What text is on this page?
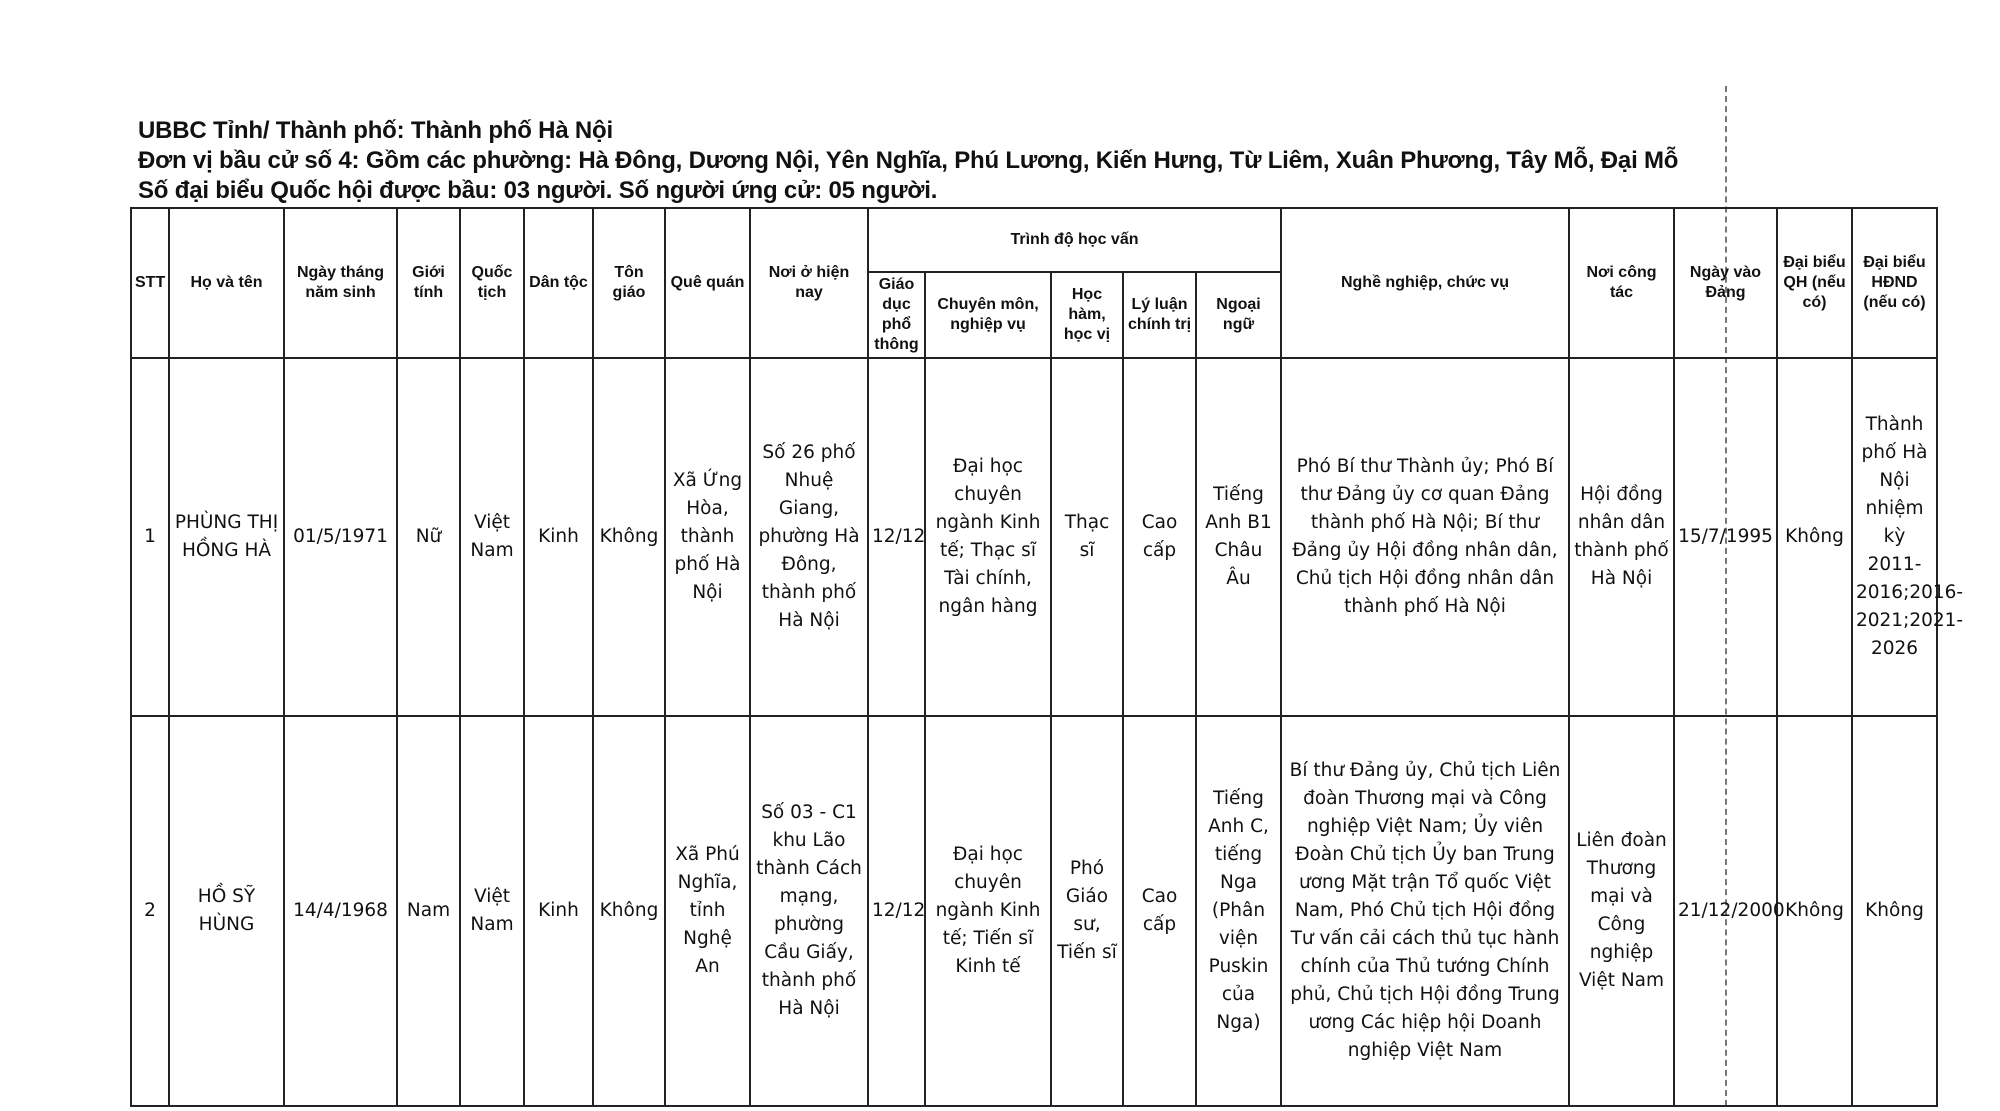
UBBC Tỉnh/ Thành phố: Thành phố Hà Nội
Đơn vị bầu cử số 4: Gồm các phường: Hà Đông, Dương Nội, Yên Nghĩa, Phú Lương, Kiến Hưng, Từ Liêm, Xuân Phương, Tây Mỗ, Đại Mỗ
Số đại biểu Quốc hội được bầu: 03 người. Số người ứng cử: 05 người.
STT	Họ và tên	Ngày tháng năm sinh	Giới tính	Quốc tịch	Dân tộc	Tôn giáo	Quê quán	Nơi ở hiện nay	Trình độ học vấn					Nghề nghiệp, chức vụ	Nơi công tác	Ngày vào Đảng	Đại biểu QH (nếu có)	Đại biểu HĐND (nếu có)
									Giáo dục phổ thông	Chuyên môn, nghiệp vụ	Học hàm, học vị	Lý luận chính trị	Ngoại ngữ					
1	PHÙNG THỊ HỒNG HÀ	01/5/1971	Nữ	Việt Nam	Kinh	Không	Xã Ứng Hòa, thành phố Hà Nội	Số 26 phố Nhuệ Giang, phường Hà Đông, thành phố Hà Nội	12/12	Đại học chuyên ngành Kinh tế; Thạc sĩ Tài chính, ngân hàng	Thạc sĩ	Cao cấp	Tiếng Anh B1 Châu Âu	Phó Bí thư Thành ủy; Phó Bí thư Đảng ủy cơ quan Đảng thành phố Hà Nội; Bí thư Đảng ủy Hội đồng nhân dân, Chủ tịch Hội đồng nhân dân thành phố Hà Nội	Hội đồng nhân dân thành phố Hà Nội	15/7/1995	Không	Thành phố Hà Nội nhiệm kỳ 2011-2016;2016-2021;2021-2026
2	HỒ SỸ HÙNG	14/4/1968	Nam	Việt Nam	Kinh	Không	Xã Phú Nghĩa, tỉnh Nghệ An	Số 03 - C1 khu Lão thành Cách mạng, phường Cầu Giấy, thành phố Hà Nội	12/12	Đại học chuyên ngành Kinh tế; Tiến sĩ Kinh tế	Phó Giáo sư, Tiến sĩ	Cao cấp	Tiếng Anh C, tiếng Nga (Phân viện Puskin của Nga)	Bí thư Đảng ủy, Chủ tịch Liên đoàn Thương mại và Công nghiệp Việt Nam; Ủy viên Đoàn Chủ tịch Ủy ban Trung ương Mặt trận Tổ quốc Việt Nam, Phó Chủ tịch Hội đồng Tư vấn cải cách thủ tục hành chính của Thủ tướng Chính phủ, Chủ tịch Hội đồng Trung ương Các hiệp hội Doanh nghiệp Việt Nam	Liên đoàn Thương mại và Công nghiệp Việt Nam	21/12/2000	Không	Không
